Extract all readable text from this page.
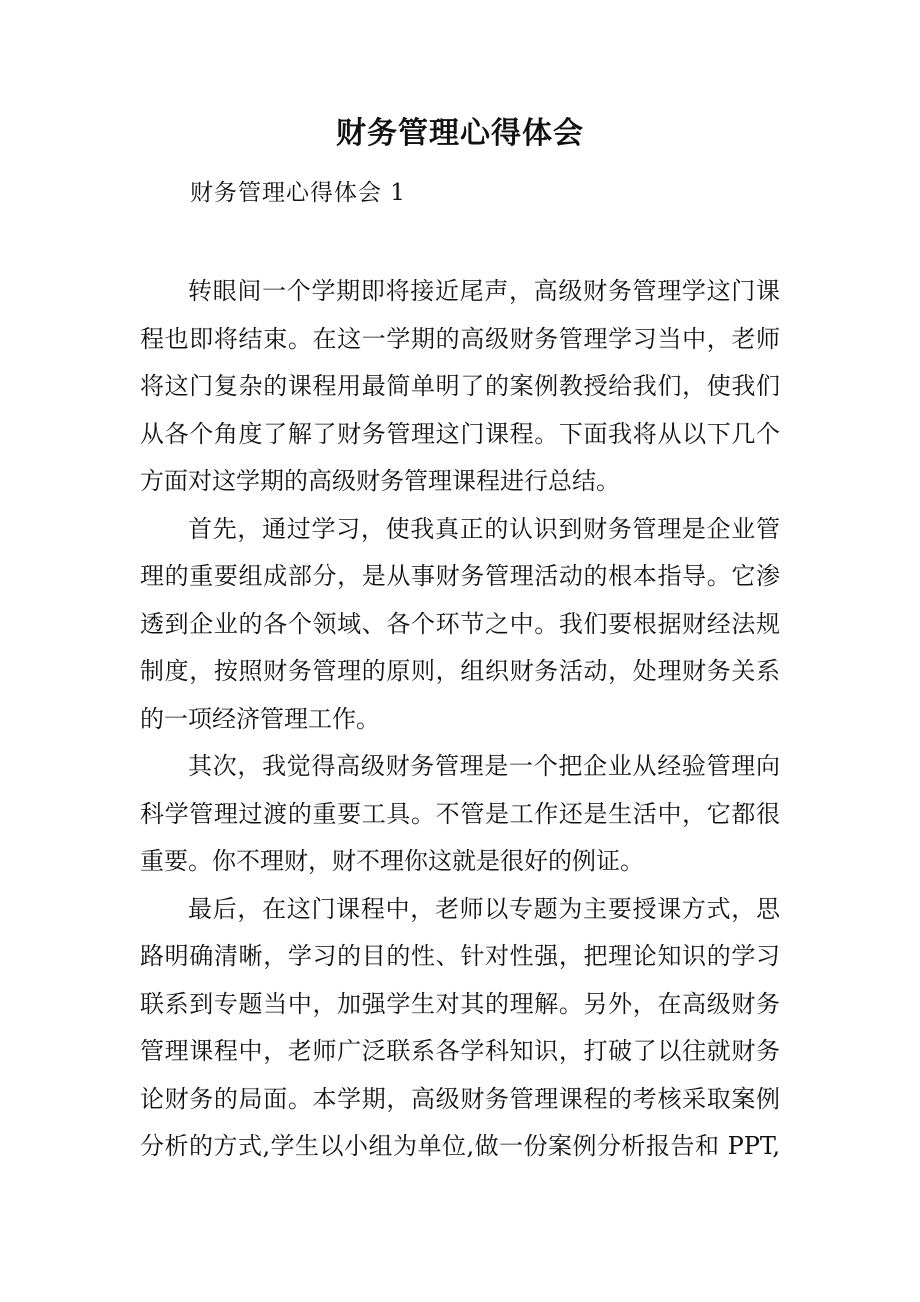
财务管理心得体会

财务管理心得体会 1

转眼间一个学期即将接近尾声，高级财务管理学这门课
程也即将结束。在这一学期的高级财务管理学习当中，老师
将这门复杂的课程用最简单明了的案例教授给我们，使我们
从各个角度了解了财务管理这门课程。下面我将从以下几个
方面对这学期的高级财务管理课程进行总结。

首先，通过学习，使我真正的认识到财务管理是企业管
理的重要组成部分，是从事财务管理活动的根本指导。它渗
透到企业的各个领域、各个环节之中。我们要根据财经法规
制度，按照财务管理的原则，组织财务活动，处理财务关系
的一项经济管理工作。

其次，我觉得高级财务管理是一个把企业从经验管理向
科学管理过渡的重要工具。不管是工作还是生活中，它都很
重要。你不理财，财不理你这就是很好的例证。

最后，在这门课程中，老师以专题为主要授课方式，思
路明确清晰，学习的目的性、针对性强，把理论知识的学习
联系到专题当中，加强学生对其的理解。另外，在高级财务
管理课程中，老师广泛联系各学科知识，打破了以往就财务
论财务的局面。本学期，高级财务管理课程的考核采取案例
分析的方式,学生以小组为单位,做一份案例分析报告和 PPT,
